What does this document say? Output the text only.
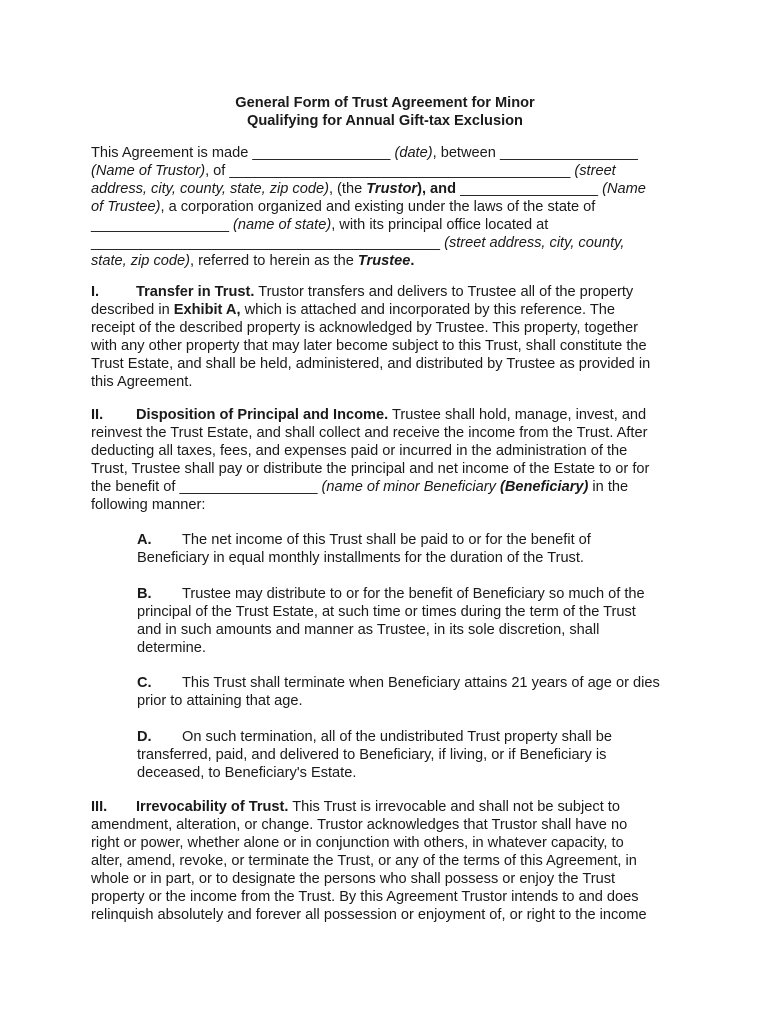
General Form of Trust Agreement for Minor
Qualifying for Annual Gift-tax Exclusion
This Agreement is made _________________ (date), between _________________
(Name of Trustor), of __________________________________________ (street
address, city, county, state, zip code), (the Trustor), and _________________ (Name
of Trustee), a corporation organized and existing under the laws of the state of
_________________ (name of state), with its principal office located at
___________________________________________ (street address, city, county,
state, zip code), referred to herein as the Trustee.
I.	Transfer in Trust. Trustor transfers and delivers to Trustee all of the property
described in Exhibit A, which is attached and incorporated by this reference. The
receipt of the described property is acknowledged by Trustee. This property, together
with any other property that may later become subject to this Trust, shall constitute the
Trust Estate, and shall be held, administered, and distributed by Trustee as provided in
this Agreement.
II. Disposition of Principal and Income. Trustee shall hold, manage, invest, and
reinvest the Trust Estate, and shall collect and receive the income from the Trust. After
deducting all taxes, fees, and expenses paid or incurred in the administration of the
Trust, Trustee shall pay or distribute the principal and net income of the Estate to or for
the benefit of _________________ (name of minor Beneficiary (Beneficiary) in the
following manner:
A. The net income of this Trust shall be paid to or for the benefit of
Beneficiary in equal monthly installments for the duration of the Trust.
B. Trustee may distribute to or for the benefit of Beneficiary so much of the
principal of the Trust Estate, at such time or times during the term of the Trust
and in such amounts and manner as Trustee, in its sole discretion, shall
determine.
C. This Trust shall terminate when Beneficiary attains 21 years of age or dies
prior to attaining that age.
D. On such termination, all of the undistributed Trust property shall be
transferred, paid, and delivered to Beneficiary, if living, or if Beneficiary is
deceased, to Beneficiary's Estate.
III. Irrevocability of Trust. This Trust is irrevocable and shall not be subject to
amendment, alteration, or change. Trustor acknowledges that Trustor shall have no
right or power, whether alone or in conjunction with others, in whatever capacity, to
alter, amend, revoke, or terminate the Trust, or any of the terms of this Agreement, in
whole or in part, or to designate the persons who shall possess or enjoy the Trust
property or the income from the Trust. By this Agreement Trustor intends to and does
relinquish absolutely and forever all possession or enjoyment of, or right to the income
